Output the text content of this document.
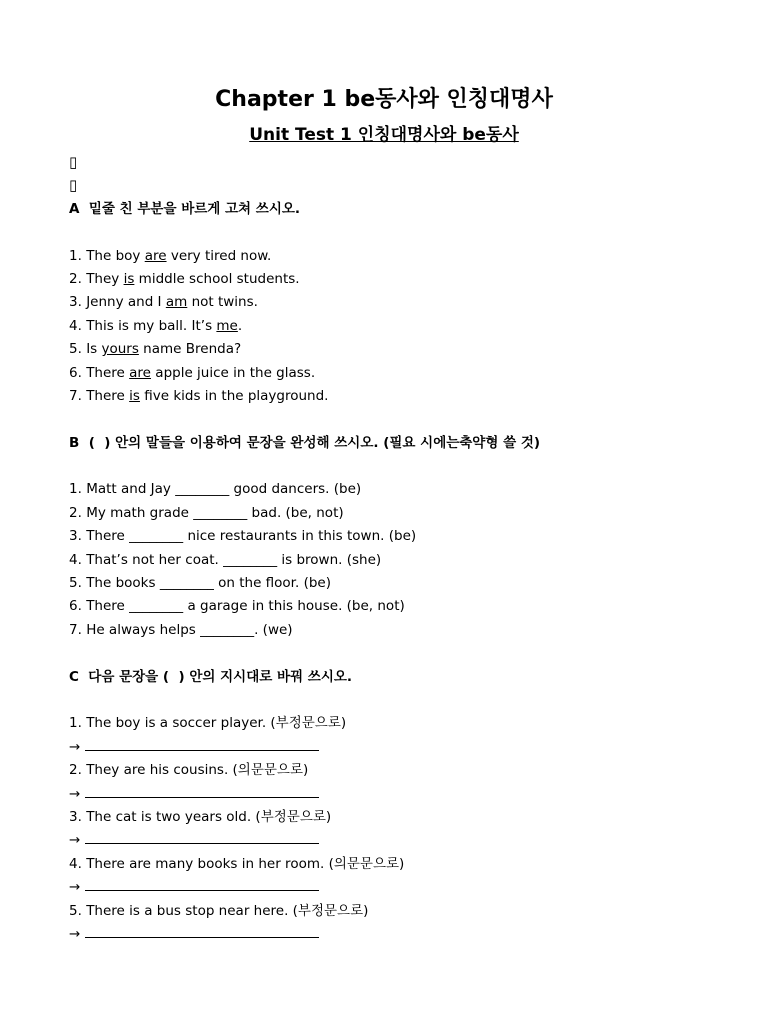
Chapter 1 be동사와 인칭대명사
Unit Test 1 인칭대명사와 be동사
▯
▯
A  밑줄 친 부분을 바르게 고쳐 쓰시오.
1. The boy are very tired now.
2. They is middle school students.
3. Jenny and I am not twins.
4. This is my ball. It’s me.
5. Is yours name Brenda?
6. There are apple juice in the glass.
7. There is five kids in the playground.
B  (  ) 안의 말들을 이용하여 문장을 완성해 쓰시오. (필요 시에는축약형 쓸 것)
1. Matt and Jay ________ good dancers. (be)
2. My math grade ________ bad. (be, not)
3. There ________ nice restaurants in this town. (be)
4. That’s not her coat. ________ is brown. (she)
5. The books ________ on the floor. (be)
6. There ________ a garage in this house. (be, not)
7. He always helps ________. (we)
C  다음 문장을 (  ) 안의 지시대로 바꿔 쓰시오.
1. The boy is a soccer player. (부정문으로)
→
2. They are his cousins. (의문문으로)
→
3. The cat is two years old. (부정문으로)
→
4. There are many books in her room. (의문문으로)
→
5. There is a bus stop near here. (부정문으로)
→
